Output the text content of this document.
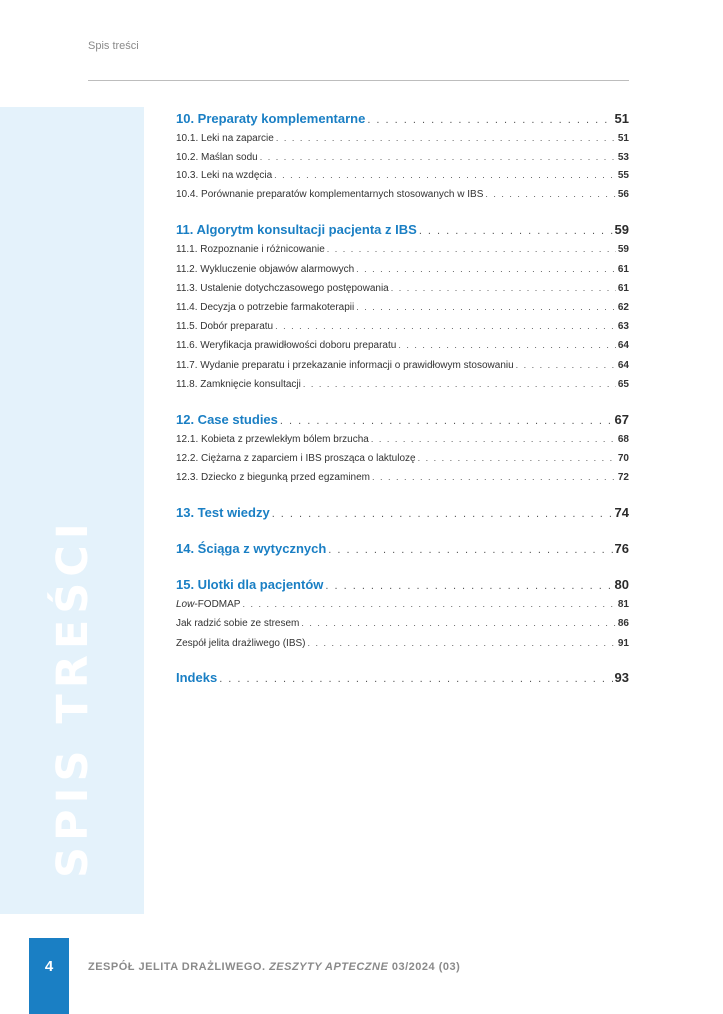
Spis treści
SPIS TREŚCI
10. Preparaty komplementarne . . .	51
10.1. Leki na zaparcie . . .	51
10.2. Maślan sodu . . .	53
10.3. Leki na wzdęcia . . .	55
10.4. Porównanie preparatów komplementarnych stosowanych w IBS . . .	56
11. Algorytm konsultacji pacjenta z IBS . . .	59
11.1. Rozpoznanie i różnicowanie . . .	59
11.2. Wykluczenie objawów alarmowych . . .	61
11.3. Ustalenie dotychczasowego postępowania . . .	61
11.4. Decyzja o potrzebie farmakoterapii . . .	62
11.5. Dobór preparatu . . .	63
11.6. Weryfikacja prawidłowości doboru preparatu . . .	64
11.7. Wydanie preparatu i przekazanie informacji o prawidłowym stosowaniu . . .	64
11.8. Zamknięcie konsultacji . . .	65
12. Case studies . . .	67
12.1. Kobieta z przewlekłym bólem brzucha . . .	68
12.2. Ciężarna z zaparciem i IBS prosząca o laktulozę . . .	70
12.3. Dziecko z biegunką przed egzaminem . . .	72
13. Test wiedzy . . .	74
14. Ściąga z wytycznych . . .	76
15. Ulotki dla pacjentów . . .	80
Low-FODMAP . . .	81
Jak radzić sobie ze stresem . . .	86
Zespół jelita drażliwego (IBS) . . .	91
Indeks . . .	93
4	ZESPÓŁ JELITA DRAŻLIWEGO. ZESZYTY APTECZNE 03/2024 (03)
